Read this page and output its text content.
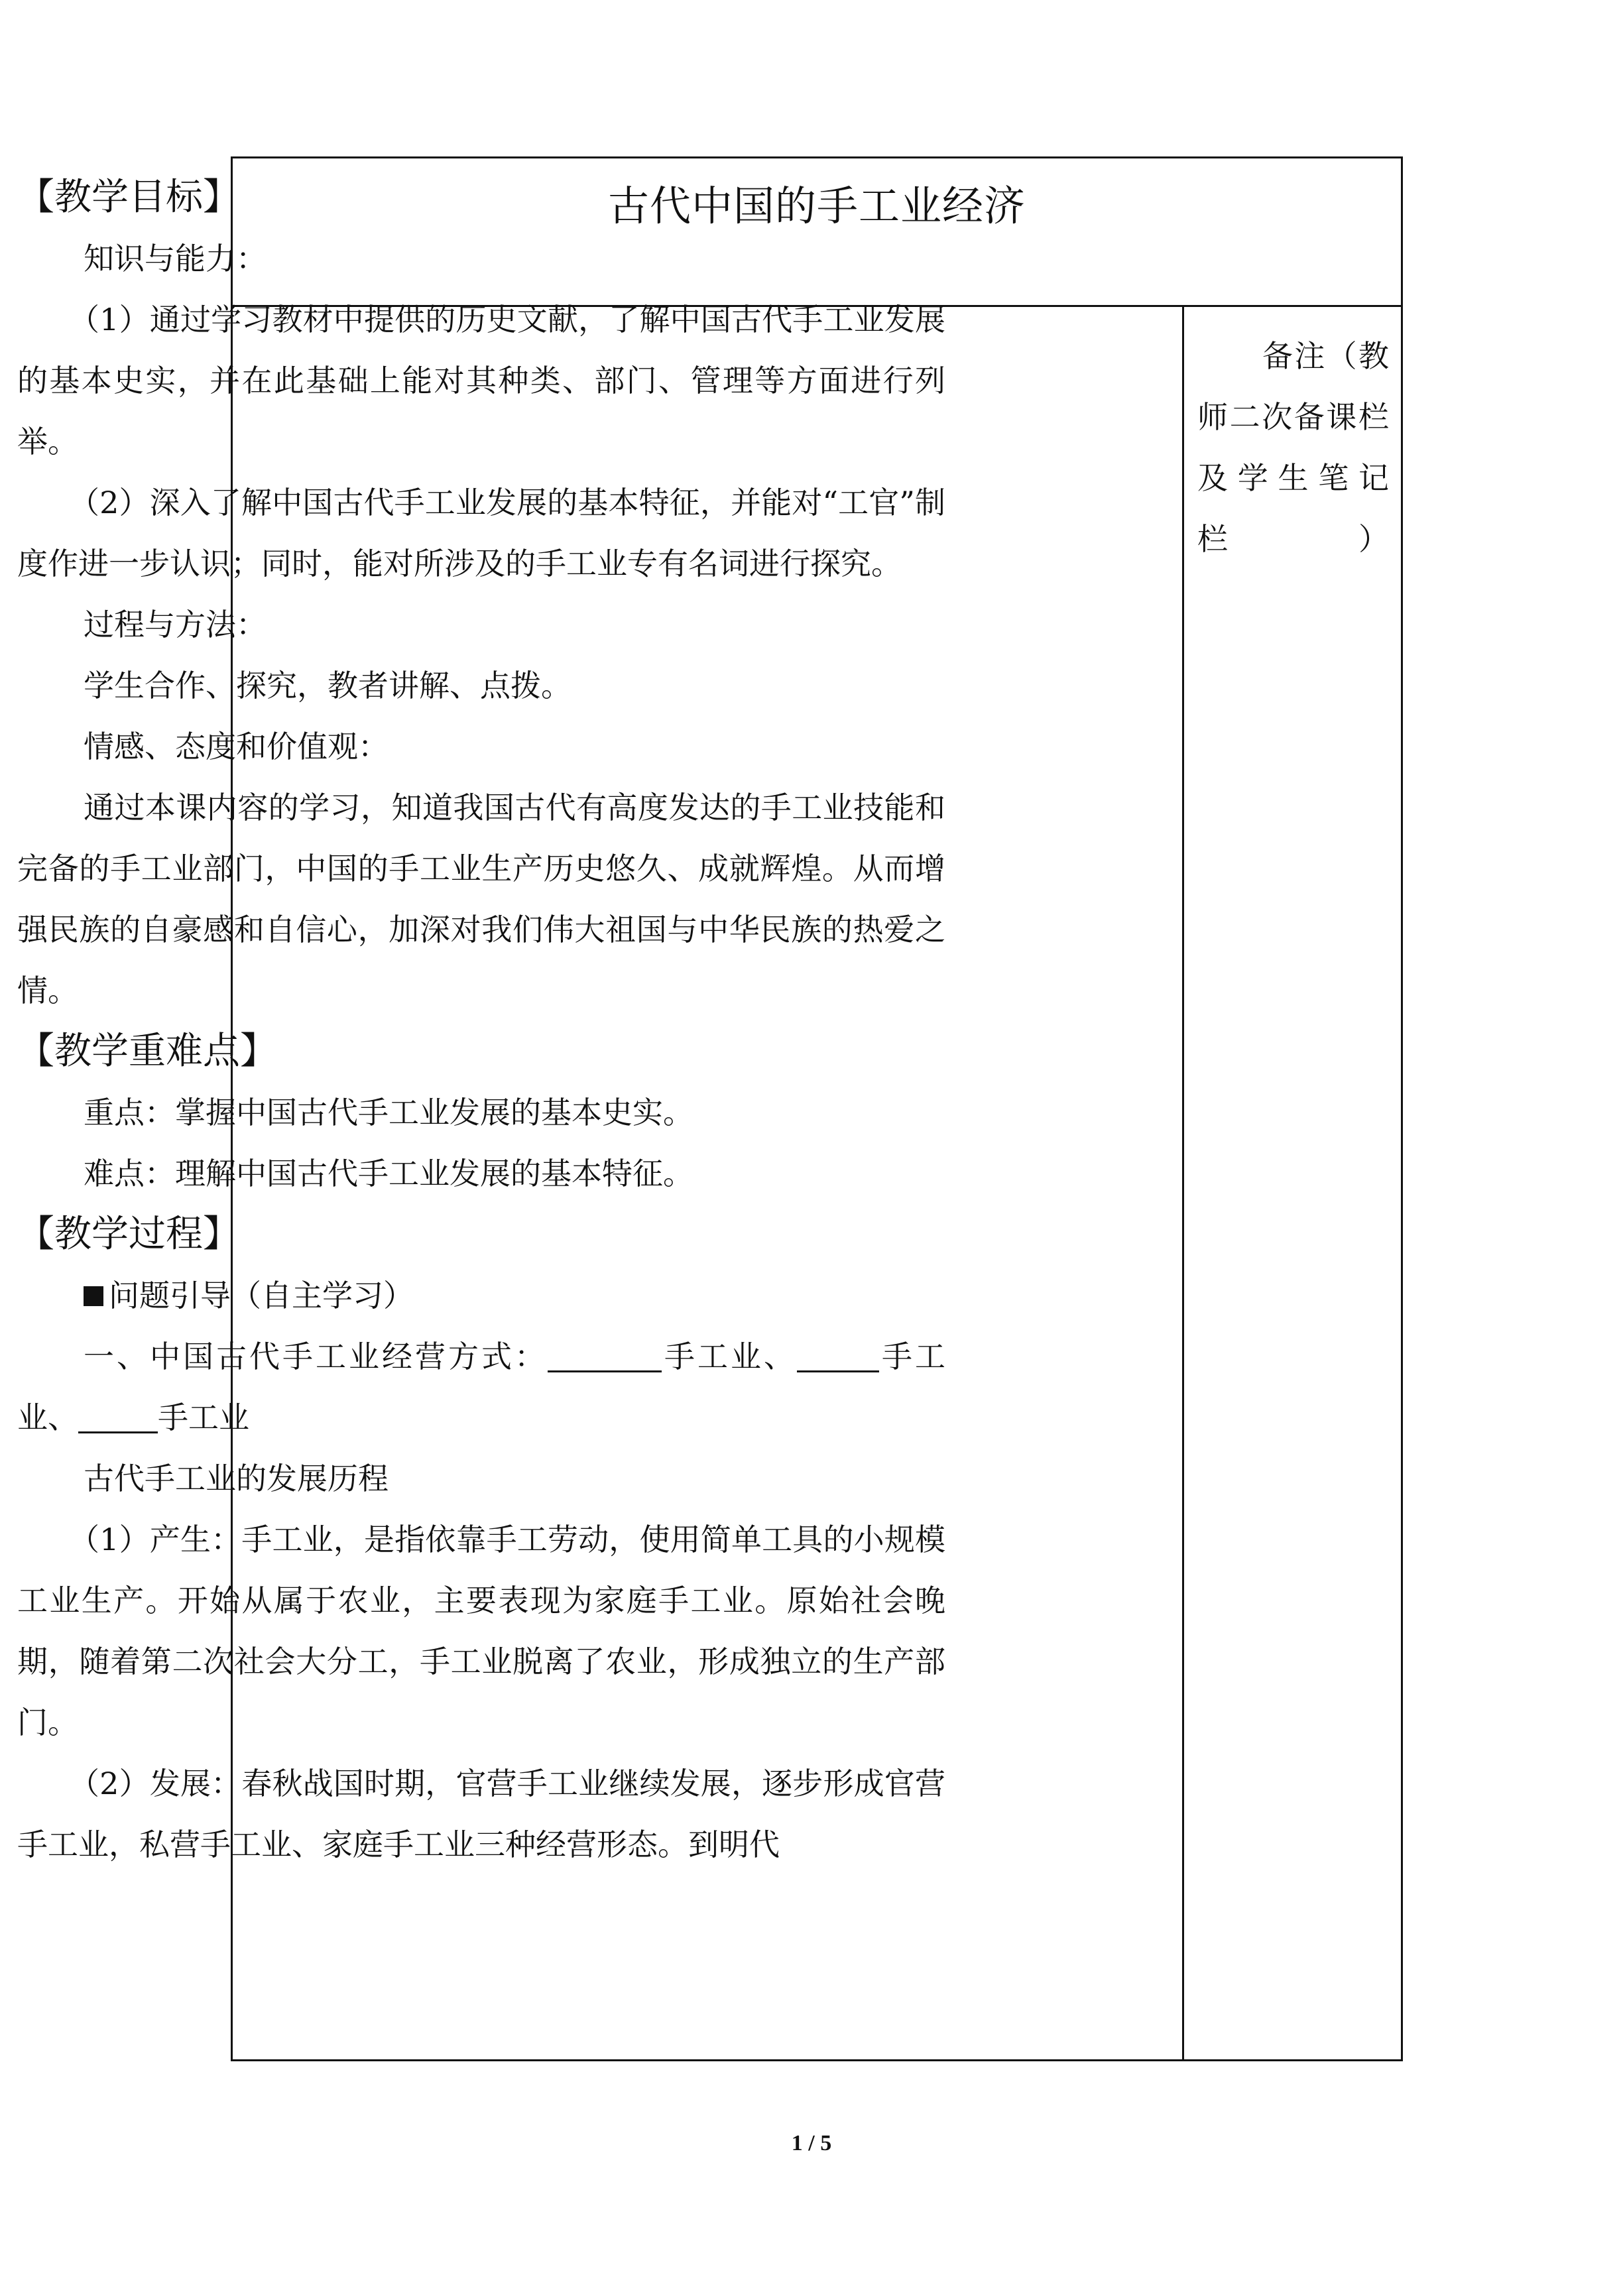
古代中国的手工业经济
备注（教师二次备课栏及学生笔记栏）

【教学目标】

知识与能力：

（1）通过学习教材中提供的历史文献，了解中国古代手工业发展的基本史实，并在此基础上能对其种类、部门、管理等方面进行列举。

（2）深入了解中国古代手工业发展的基本特征，并能对“工官”制度作进一步认识；同时，能对所涉及的手工业专有名词进行探究。

过程与方法：

学生合作、探究，教者讲解、点拨。

情感、态度和价值观：

通过本课内容的学习，知道我国古代有高度发达的手工业技能和完备的手工业部门，中国的手工业生产历史悠久、成就辉煌。从而增强民族的自豪感和自信心，加深对我们伟大祖国与中华民族的热爱之情。

【教学重难点】

重点：掌握中国古代手工业发展的基本史实。

难点：理解中国古代手工业发展的基本特征。

【教学过程】

问题引导（自主学习）

一、中国古代手工业经营方式：	手工业、	手工业、	手工业

古代手工业的发展历程

（1）产生：手工业，是指依靠手工劳动，使用简单工具的小规模工业生产。开始从属于农业，主要表现为家庭手工业。原始社会晚期，随着第二次社会大分工，手工业脱离了农业，形成独立的生产部门。

（2）发展：春秋战国时期，官营手工业继续发展，逐步形成官营手工业，私营手工业、家庭手工业三种经营形态。到明代

1 / 5
